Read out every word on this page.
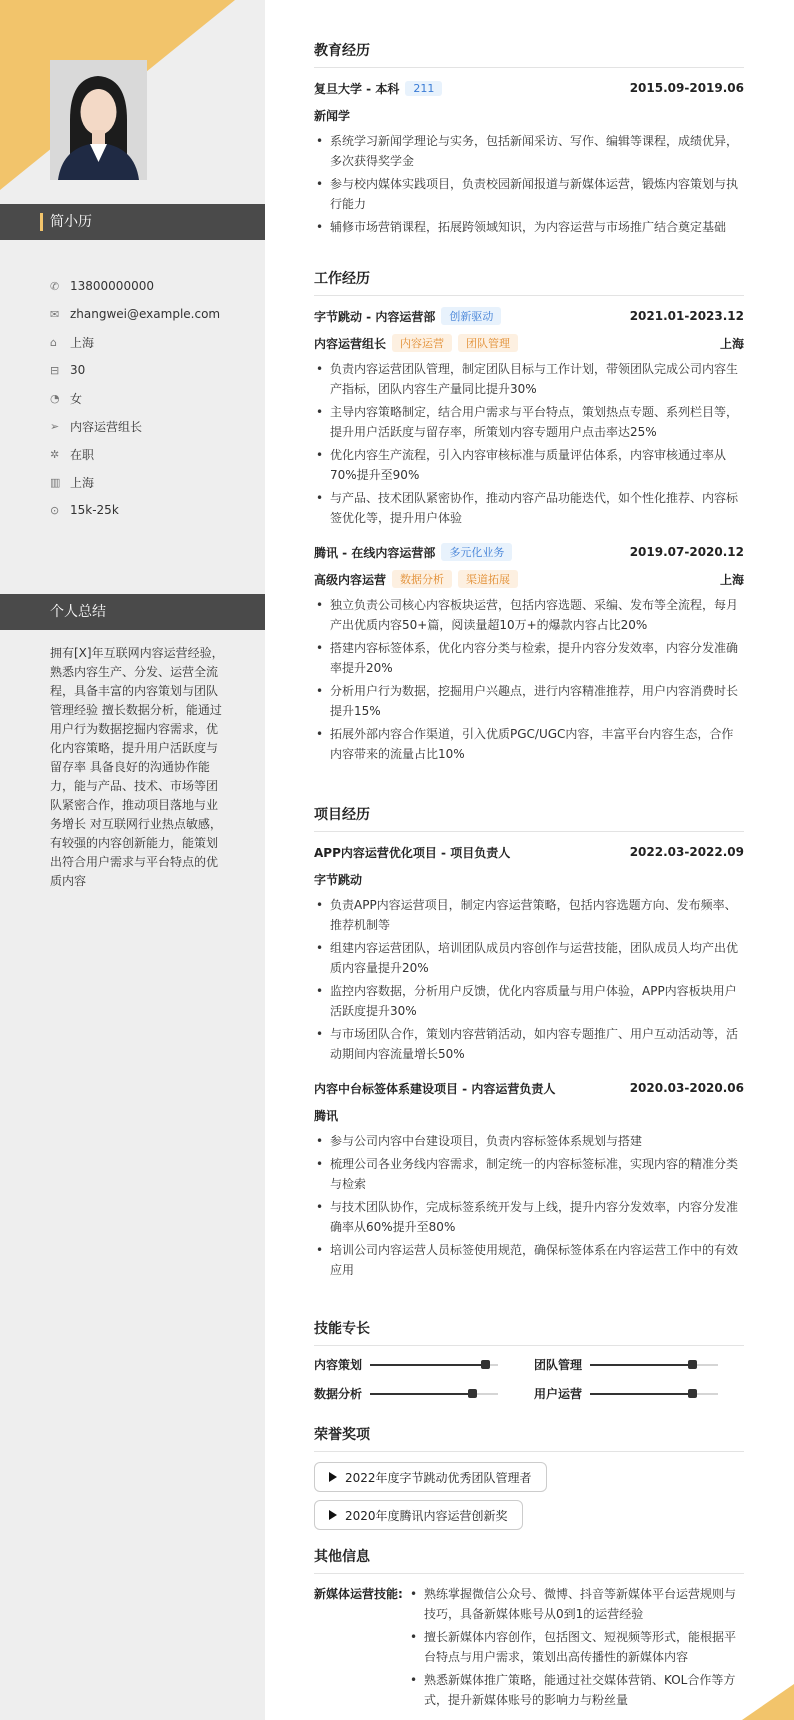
简小历
✆ 13800000000
✉ zhangwei@example.com
⌂	上海
⊟ 30
◔ 女
➢ 内容运营组长
✲ 在职
▥ 上海
⊙ 15k-25k
个人总结
拥有[X]年互联网内容运营经验，熟悉内容生产、分发、运营全流程，具备丰富的内容策划与团队管理经验 擅长数据分析，能通过用户行为数据挖掘内容需求，优化内容策略，提升用户活跃度与留存率 具备良好的沟通协作能力，能与产品、技术、市场等团队紧密合作，推动项目落地与业务增长 对互联网行业热点敏感，有较强的内容创新能力，能策划出符合用户需求与平台特点的优质内容
教育经历
复旦大学 - 本科	211	2015.09-2019.06
新闻学
• 系统学习新闻学理论与实务，包括新闻采访、写作、编辑等课程，成绩优异，多次获得奖学金
• 参与校内媒体实践项目，负责校园新闻报道与新媒体运营，锻炼内容策划与执行能力
• 辅修市场营销课程，拓展跨领域知识，为内容运营与市场推广结合奠定基础
工作经历
字节跳动 - 内容运营部	创新驱动	2021.01-2023.12
内容运营组长	内容运营	团队管理	上海
• 负责内容运营团队管理，制定团队目标与工作计划，带领团队完成公司内容生产指标，团队内容生产量同比提升30%
• 主导内容策略制定，结合用户需求与平台特点，策划热点专题、系列栏目等，提升用户活跃度与留存率，所策划内容专题用户点击率达25%
• 优化内容生产流程，引入内容审核标准与质量评估体系，内容审核通过率从70%提升至90%
• 与产品、技术团队紧密协作，推动内容产品功能迭代，如个性化推荐、内容标签优化等，提升用户体验
腾讯 - 在线内容运营部	多元化业务	2019.07-2020.12
高级内容运营	数据分析	渠道拓展	上海
• 独立负责公司核心内容板块运营，包括内容选题、采编、发布等全流程，每月产出优质内容50+篇，阅读量超10万+的爆款内容占比20%
• 搭建内容标签体系，优化内容分类与检索，提升内容分发效率，内容分发准确率提升20%
• 分析用户行为数据，挖掘用户兴趣点，进行内容精准推荐，用户内容消费时长提升15%
• 拓展外部内容合作渠道，引入优质PGC/UGC内容，丰富平台内容生态，合作内容带来的流量占比10%
项目经历
APP内容运营优化项目 - 项目负责人	2022.03-2022.09
字节跳动
• 负责APP内容运营项目，制定内容运营策略，包括内容选题方向、发布频率、推荐机制等
• 组建内容运营团队，培训团队成员内容创作与运营技能，团队成员人均产出优质内容量提升20%
• 监控内容数据，分析用户反馈，优化内容质量与用户体验，APP内容板块用户活跃度提升30%
• 与市场团队合作，策划内容营销活动，如内容专题推广、用户互动活动等，活动期间内容流量增长50%
内容中台标签体系建设项目 - 内容运营负责人	2020.03-2020.06
腾讯
• 参与公司内容中台建设项目，负责内容标签体系规划与搭建
• 梳理公司各业务线内容需求，制定统一的内容标签标准，实现内容的精准分类与检索
• 与技术团队协作，完成标签系统开发与上线，提升内容分发效率，内容分发准确率从60%提升至80%
• 培训公司内容运营人员标签使用规范，确保标签体系在内容运营工作中的有效应用
技能专长
内容策划	团队管理
数据分析	用户运营
荣誉奖项
2022年度字节跳动优秀团队管理者
2020年度腾讯内容运营创新奖
其他信息
新媒体运营技能:
•	熟练掌握微信公众号、微博、抖音等新媒体平台运营规则与技巧，具备新媒体账号从0到1的运营经验
• 擅长新媒体内容创作，包括图文、短视频等形式，能根据平台特点与用户需求，策划出高传播性的新媒体内容
• 熟悉新媒体推广策略，能通过社交媒体营销、KOL合作等方式，提升新媒体账号的影响力与粉丝量
